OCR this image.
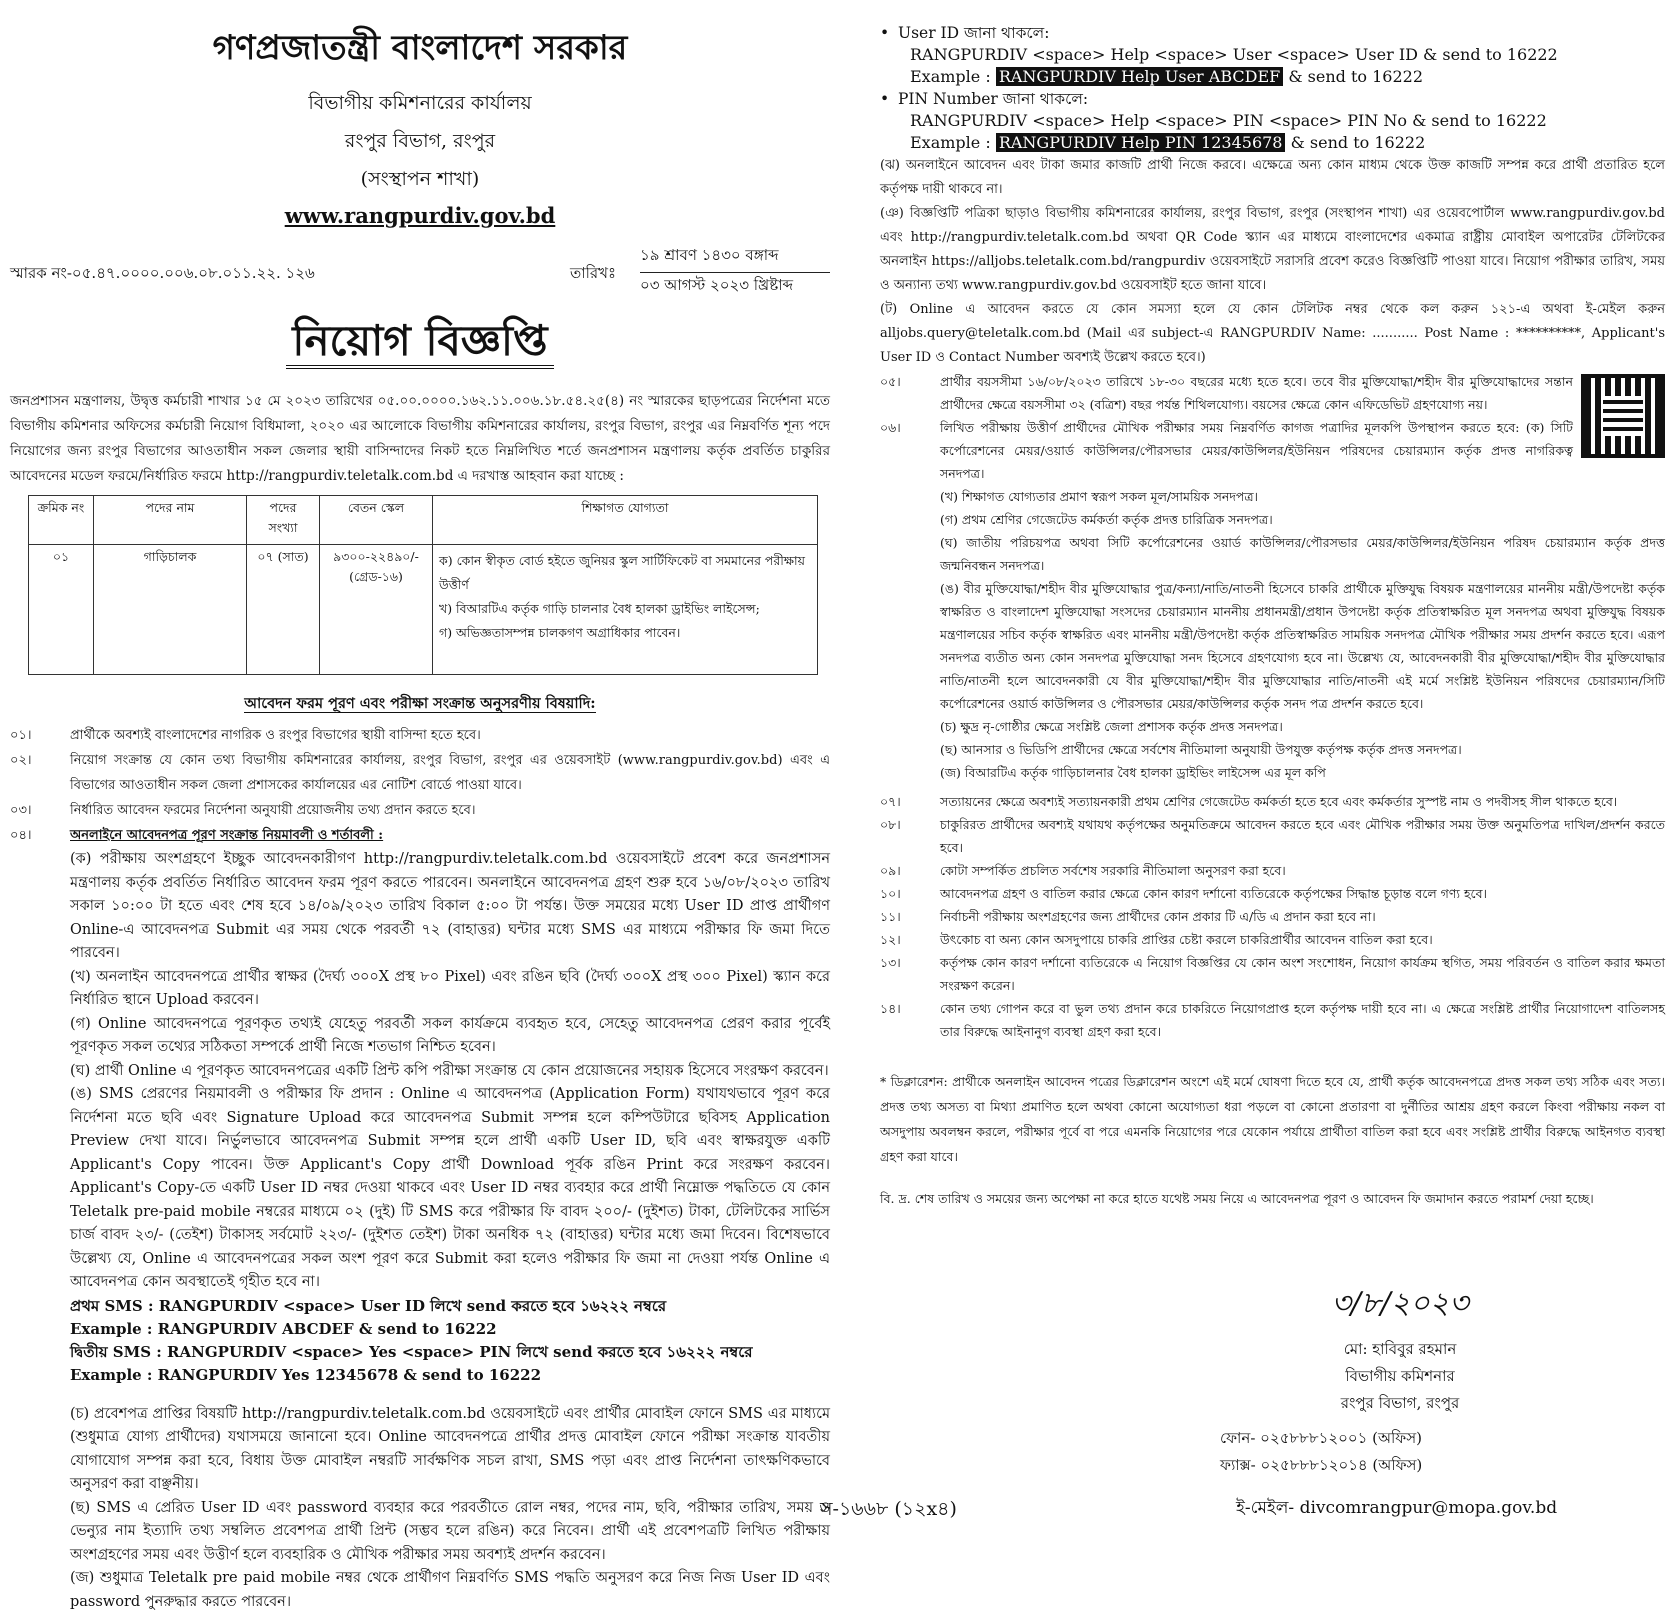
গণপ্রজাতন্ত্রী বাংলাদেশ সরকার
বিভাগীয় কমিশনারের কার্যালয়
রংপুর বিভাগ, রংপুর
(সংস্থাপন শাখা)
www.rangpurdiv.gov.bd
স্মারক নং-০৫.৪৭.০০০০.০০৬.০৮.০১১.২২. ১২৬	তারিখঃ
১৯ শ্রাবণ ১৪৩০ বঙ্গাব্দ
০৩ আগস্ট ২০২৩ খ্রিষ্টাব্দ
নিয়োগ বিজ্ঞপ্তি
জনপ্রশাসন মন্ত্রণালয়, উদ্বৃত্ত কর্মচারী শাখার ১৫ মে ২০২৩ তারিখের ০৫.০০.০০০০.১৬২.১১.০০৬.১৮.৫৪.২৫(৪) নং স্মারকের ছাড়পত্রের নির্দেশনা মতে বিভাগীয় কমিশনার অফিসের কর্মচারী নিয়োগ বিধিমালা, ২০২০ এর আলোকে বিভাগীয় কমিশনারের কার্যালয়, রংপুর বিভাগ, রংপুর এর নিম্নবর্ণিত শূন্য পদে নিয়োগের জন্য রংপুর বিভাগের আওতাধীন সকল জেলার স্থায়ী বাসিন্দাদের নিকট হতে নিম্নলিখিত শর্তে জনপ্রশাসন মন্ত্রণালয় কর্তৃক প্রবর্তিত চাকুরির আবেদনের মডেল ফরমে/নির্ধারিত ফরমে http://rangpurdiv.teletalk.com.bd এ দরখাস্ত আহবান করা যাচ্ছে :
ক্রমিক নং	পদের নাম	পদের সংখ্যা	বেতন স্কেল	শিক্ষাগত যোগ্যতা
০১	গাড়িচালক	০৭ (সাত)	৯৩০০-২২৪৯০/- (গ্রেড-১৬)	ক) কোন স্বীকৃত বোর্ড হইতে জুনিয়র স্কুল সার্টিফিকেট বা সমমানের পরীক্ষায় উত্তীর্ণ
খ) বিআরটিএ কর্তৃক গাড়ি চালনার বৈধ হালকা ড্রাইভিং লাইসেন্স;
গ) অভিজ্ঞতাসম্পন্ন চালকগণ অগ্রাধিকার পাবেন।
আবেদন ফরম পূরণ এবং পরীক্ষা সংক্রান্ত অনুসরণীয় বিষয়াদি:
০১।	প্রার্থীকে অবশ্যই বাংলাদেশের নাগরিক ও রংপুর বিভাগের স্থায়ী বাসিন্দা হতে হবে।
০২।	নিয়োগ সংক্রান্ত যে কোন তথ্য বিভাগীয় কমিশনারের কার্যালয়, রংপুর বিভাগ, রংপুর এর ওয়েবসাইট (www.rangpurdiv.gov.bd) এবং এ বিভাগের আওতাধীন সকল জেলা প্রশাসকের কার্যালয়ের এর নোটিশ বোর্ডে পাওয়া যাবে।
০৩।	নির্ধারিত আবেদন ফরমের নির্দেশনা অনুযায়ী প্রয়োজনীয় তথ্য প্রদান করতে হবে।
০৪।	অনলাইনে আবেদনপত্র পূরণ সংক্রান্ত নিয়মাবলী ও শর্তাবলী :
(ক) পরীক্ষায় অংশগ্রহণে ইচ্ছুক আবেদনকারীগণ http://rangpurdiv.teletalk.com.bd ওয়েবসাইটে প্রবেশ করে জনপ্রশাসন মন্ত্রণালয় কর্তৃক প্রবর্তিত নির্ধারিত আবেদন ফরম পূরণ করতে পারবেন। অনলাইনে আবেদনপত্র গ্রহণ শুরু হবে ১৬/০৮/২০২৩ তারিখ সকাল ১০:০০ টা হতে এবং শেষ হবে ১৪/০৯/২০২৩ তারিখ বিকাল ৫:০০ টা পর্যন্ত। উক্ত সময়ের মধ্যে User ID প্রাপ্ত প্রার্থীগণ Online-এ আবেদনপত্র Submit এর সময় থেকে পরবর্তী ৭২ (বাহাত্তর) ঘন্টার মধ্যে SMS এর মাধ্যমে পরীক্ষার ফি জমা দিতে পারবেন।
(খ) অনলাইন আবেদনপত্রে প্রার্থীর স্বাক্ষর (দৈর্ঘ্য ৩০০X প্রস্থ ৮০ Pixel) এবং রঙিন ছবি (দৈর্ঘ্য ৩০০X প্রস্থ ৩০০ Pixel) স্ক্যান করে নির্ধারিত স্থানে Upload করবেন।
(গ) Online আবেদনপত্রে পূরণকৃত তথ্যই যেহেতু পরবর্তী সকল কার্যক্রমে ব্যবহৃত হবে, সেহেতু আবেদনপত্র প্রেরণ করার পূর্বেই পূরণকৃত সকল তথ্যের সঠিকতা সম্পর্কে প্রার্থী নিজে শতভাগ নিশ্চিত হবেন।
(ঘ) প্রার্থী Online এ পূরণকৃত আবেদনপত্রের একটি প্রিন্ট কপি পরীক্ষা সংক্রান্ত যে কোন প্রয়োজনের সহায়ক হিসেবে সংরক্ষণ করবেন।
(ঙ) SMS প্রেরণের নিয়মাবলী ও পরীক্ষার ফি প্রদান : Online এ আবেদনপত্র (Application Form) যথাযথভাবে পূরণ করে নির্দেশনা মতে ছবি এবং Signature Upload করে আবেদনপত্র Submit সম্পন্ন হলে কম্পিউটারে ছবিসহ Application Preview দেখা যাবে। নির্ভুলভাবে আবেদনপত্র Submit সম্পন্ন হলে প্রার্থী একটি User ID, ছবি এবং স্বাক্ষরযুক্ত একটি Applicant's Copy পাবেন। উক্ত Applicant's Copy প্রার্থী Download পূর্বক রঙিন Print করে সংরক্ষণ করবেন। Applicant's Copy-তে একটি User ID নম্বর দেওয়া থাকবে এবং User ID নম্বর ব্যবহার করে প্রার্থী নিম্নোক্ত পদ্ধতিতে যে কোন Teletalk pre-paid mobile নম্বরের মাধ্যমে ০২ (দুই) টি SMS করে পরীক্ষার ফি বাবদ ২০০/- (দুইশত) টাকা, টেলিটকের সার্ভিস চার্জ বাবদ ২৩/- (তেইশ) টাকাসহ সর্বমোট ২২৩/- (দুইশত তেইশ) টাকা অনধিক ৭২ (বাহাত্তর) ঘন্টার মধ্যে জমা দিবেন। বিশেষভাবে উল্লেখ্য যে, Online এ আবেদনপত্রের সকল অংশ পূরণ করে Submit করা হলেও পরীক্ষার ফি জমা না দেওয়া পর্যন্ত Online এ আবেদনপত্র কোন অবস্থাতেই গৃহীত হবে না।
প্রথম SMS : RANGPURDIV <space> User ID লিখে send করতে হবে ১৬২২২ নম্বরে
Example : RANGPURDIV ABCDEF & send to 16222
দ্বিতীয় SMS : RANGPURDIV <space> Yes <space> PIN লিখে send করতে হবে ১৬২২২ নম্বরে
Example : RANGPURDIV Yes 12345678 & send to 16222
(চ) প্রবেশপত্র প্রাপ্তির বিষয়টি http://rangpurdiv.teletalk.com.bd ওয়েবসাইটে এবং প্রার্থীর মোবাইল ফোনে SMS এর মাধ্যমে (শুধুমাত্র যোগ্য প্রার্থীদের) যথাসময়ে জানানো হবে। Online আবেদনপত্রে প্রার্থীর প্রদত্ত মোবাইল ফোনে পরীক্ষা সংক্রান্ত যাবতীয় যোগাযোগ সম্পন্ন করা হবে, বিধায় উক্ত মোবাইল নম্বরটি সার্বক্ষণিক সচল রাখা, SMS পড়া এবং প্রাপ্ত নির্দেশনা তাৎক্ষণিকভাবে অনুসরণ করা বাঞ্ছনীয়।
(ছ) SMS এ প্রেরিত User ID এবং password ব্যবহার করে পরবর্তীতে রোল নম্বর, পদের নাম, ছবি, পরীক্ষার তারিখ, সময় ও ভেন্যুর নাম ইত্যাদি তথ্য সম্বলিত প্রবেশপত্র প্রার্থী প্রিন্ট (সম্ভব হলে রঙিন) করে নিবেন। প্রার্থী এই প্রবেশপত্রটি লিখিত পরীক্ষায় অংশগ্রহণের সময় এবং উত্তীর্ণ হলে ব্যবহারিক ও মৌখিক পরীক্ষার সময় অবশ্যই প্রদর্শন করবেন।
(জ) শুধুমাত্র Teletalk pre paid mobile নম্বর থেকে প্রার্থীগণ নিম্নবর্ণিত SMS পদ্ধতি অনুসরণ করে নিজ নিজ User ID এবং password পুনরুদ্ধার করতে পারবেন।
• User ID জানা থাকলে:
RANGPURDIV <space> Help <space> User <space> User ID & send to 16222
Example : RANGPURDIV Help User ABCDEF & send to 16222
• PIN Number জানা থাকলে:
RANGPURDIV <space> Help <space> PIN <space> PIN No & send to 16222
Example : RANGPURDIV Help PIN 12345678 & send to 16222
(ঝ) অনলাইনে আবেদন এবং টাকা জমার কাজটি প্রার্থী নিজে করবে। এক্ষেত্রে অন্য কোন মাধ্যম থেকে উক্ত কাজটি সম্পন্ন করে প্রার্থী প্রতারিত হলে কর্তৃপক্ষ দায়ী থাকবে না।
(ঞ) বিজ্ঞপ্তিটি পত্রিকা ছাড়াও বিভাগীয় কমিশনারের কার্যালয়, রংপুর বিভাগ, রংপুর (সংস্থাপন শাখা) এর ওয়েবপোর্টাল www.rangpurdiv.gov.bd এবং http://rangpurdiv.teletalk.com.bd অথবা QR Code স্ক্যান এর মাধ্যমে বাংলাদেশের একমাত্র রাষ্ট্রীয় মোবাইল অপারেটর টেলিটকের অনলাইন https://alljobs.teletalk.com.bd/rangpurdiv ওয়েবসাইটে সরাসরি প্রবেশ করেও বিজ্ঞপ্তিটি পাওয়া যাবে। নিয়োগ পরীক্ষার তারিখ, সময় ও অন্যান্য তথ্য www.rangpurdiv.gov.bd ওয়েবসাইট হতে জানা যাবে।
(ট) Online এ আবেদন করতে যে কোন সমস্যা হলে যে কোন টেলিটক নম্বর থেকে কল করুন ১২১-এ অথবা ই-মেইল করুন alljobs.query@teletalk.com.bd (Mail এর subject-এ RANGPURDIV Name: ........... Post Name : **********, Applicant's User ID ও Contact Number অবশ্যই উল্লেখ করতে হবে।)
০৫।	প্রার্থীর বয়সসীমা ১৬/০৮/২০২৩ তারিখে ১৮-৩০ বছরের মধ্যে হতে হবে। তবে বীর মুক্তিযোদ্ধা/শহীদ বীর মুক্তিযোদ্ধাদের সন্তান প্রার্থীদের ক্ষেত্রে বয়সসীমা ৩২ (বত্রিশ) বছর পর্যন্ত শিথিলযোগ্য। বয়সের ক্ষেত্রে কোন এফিডেভিট গ্রহণযোগ্য নয়।
০৬।	লিখিত পরীক্ষায় উত্তীর্ণ প্রার্থীদের মৌখিক পরীক্ষার সময় নিম্নবর্ণিত কাগজ পত্রাদির মূলকপি উপস্থাপন করতে হবে: (ক) সিটি কর্পোরেশনের মেয়র/ওয়ার্ড কাউন্সিলর/পৌরসভার মেয়র/কাউন্সিলর/ইউনিয়ন পরিষদের চেয়ারম্যান কর্তৃক প্রদত্ত নাগরিকত্ব সনদপত্র।
(খ) শিক্ষাগত যোগ্যতার প্রমাণ স্বরূপ সকল মূল/সাময়িক সনদপত্র।
(গ) প্রথম শ্রেণির গেজেটেড কর্মকর্তা কর্তৃক প্রদত্ত চারিত্রিক সনদপত্র।
(ঘ) জাতীয় পরিচয়পত্র অথবা সিটি কর্পোরেশনের ওয়ার্ড কাউন্সিলর/পৌরসভার মেয়র/কাউন্সিলর/ইউনিয়ন পরিষদ চেয়ারম্যান কর্তৃক প্রদত্ত জন্মনিবন্ধন সনদপত্র।
(ঙ) বীর মুক্তিযোদ্ধা/শহীদ বীর মুক্তিযোদ্ধার পুত্র/কন্যা/নাতি/নাতনী হিসেবে চাকরি প্রার্থীকে মুক্তিযুদ্ধ বিষয়ক মন্ত্রণালয়ের মাননীয় মন্ত্রী/উপদেষ্টা কর্তৃক স্বাক্ষরিত ও বাংলাদেশ মুক্তিযোদ্ধা সংসদের চেয়ারম্যান মাননীয় প্রধানমন্ত্রী/প্রধান উপদেষ্টা কর্তৃক প্রতিস্বাক্ষরিত মূল সনদপত্র অথবা মুক্তিযুদ্ধ বিষয়ক মন্ত্রণালয়ের সচিব কর্তৃক স্বাক্ষরিত এবং মাননীয় মন্ত্রী/উপদেষ্টা কর্তৃক প্রতিস্বাক্ষরিত সাময়িক সনদপত্র মৌখিক পরীক্ষার সময় প্রদর্শন করতে হবে। এরূপ সনদপত্র ব্যতীত অন্য কোন সনদপত্র মুক্তিযোদ্ধা সনদ হিসেবে গ্রহণযোগ্য হবে না। উল্লেখ্য যে, আবেদনকারী বীর মুক্তিযোদ্ধা/শহীদ বীর মুক্তিযোদ্ধার নাতি/নাতনী হলে আবেদনকারী যে বীর মুক্তিযোদ্ধা/শহীদ বীর মুক্তিযোদ্ধার নাতি/নাতনী এই মর্মে সংশ্লিষ্ট ইউনিয়ন পরিষদের চেয়ারম্যান/সিটি কর্পোরেশনের ওয়ার্ড কাউন্সিলর ও পৌরসভার মেয়র/কাউন্সিলর কর্তৃক সনদ পত্র প্রদর্শন করতে হবে।
(চ) ক্ষুদ্র নৃ-গোষ্ঠীর ক্ষেত্রে সংশ্লিষ্ট জেলা প্রশাসক কর্তৃক প্রদত্ত সনদপত্র।
(ছ) আনসার ও ভিডিপি প্রার্থীদের ক্ষেত্রে সর্বশেষ নীতিমালা অনুযায়ী উপযুক্ত কর্তৃপক্ষ কর্তৃক প্রদত্ত সনদপত্র।
(জ) বিআরটিএ কর্তৃক গাড়িচালনার বৈধ হালকা ড্রাইভিং লাইসেন্স এর মূল কপি
০৭।	সত্যায়নের ক্ষেত্রে অবশ্যই সত্যায়নকারী প্রথম শ্রেণির গেজেটেড কর্মকর্তা হতে হবে এবং কর্মকর্তার সুস্পষ্ট নাম ও পদবীসহ সীল থাকতে হবে।
০৮।	চাকুরিরত প্রার্থীদের অবশ্যই যথাযথ কর্তৃপক্ষের অনুমতিক্রমে আবেদন করতে হবে এবং মৌখিক পরীক্ষার সময় উক্ত অনুমতিপত্র দাখিল/প্রদর্শন করতে হবে।
০৯।	কোটা সম্পর্কিত প্রচলিত সর্বশেষ সরকারি নীতিমালা অনুসরণ করা হবে।
১০।	আবেদনপত্র গ্রহণ ও বাতিল করার ক্ষেত্রে কোন কারণ দর্শানো ব্যতিরেকে কর্তৃপক্ষের সিদ্ধান্ত চূড়ান্ত বলে গণ্য হবে।
১১।	নির্বাচনী পরীক্ষায় অংশগ্রহণের জন্য প্রার্থীদের কোন প্রকার টি এ/ডি এ প্রদান করা হবে না।
১২।	উৎকোচ বা অন্য কোন অসদুপায়ে চাকরি প্রাপ্তির চেষ্টা করলে চাকরিপ্রার্থীর আবেদন বাতিল করা হবে।
১৩।	কর্তৃপক্ষ কোন কারণ দর্শানো ব্যতিরেকে এ নিয়োগ বিজ্ঞপ্তির যে কোন অংশ সংশোধন, নিয়োগ কার্যক্রম স্থগিত, সময় পরিবর্তন ও বাতিল করার ক্ষমতা সংরক্ষণ করেন।
১৪।	কোন তথ্য গোপন করে বা ভুল তথ্য প্রদান করে চাকরিতে নিয়োগপ্রাপ্ত হলে কর্তৃপক্ষ দায়ী হবে না। এ ক্ষেত্রে সংশ্লিষ্ট প্রার্থীর নিয়োগাদেশ বাতিলসহ তার বিরুদ্ধে আইনানুগ ব্যবস্থা গ্রহণ করা হবে।
* ডিক্লারেশন: প্রার্থীকে অনলাইন আবেদন পত্রের ডিক্লারেশন অংশে এই মর্মে ঘোষণা দিতে হবে যে, প্রার্থী কর্তৃক আবেদনপত্রে প্রদত্ত সকল তথ্য সঠিক এবং সত্য। প্রদত্ত তথ্য অসত্য বা মিথ্যা প্রমাণিত হলে অথবা কোনো অযোগ্যতা ধরা পড়লে বা কোনো প্রতারণা বা দুর্নীতির আশ্রয় গ্রহণ করলে কিংবা পরীক্ষায় নকল বা অসদুপায় অবলম্বন করলে, পরীক্ষার পূর্বে বা পরে এমনকি নিয়োগের পরে যেকোন পর্যায়ে প্রার্থীতা বাতিল করা হবে এবং সংশ্লিষ্ট প্রার্থীর বিরুদ্ধে আইনগত ব্যবস্থা গ্রহণ করা যাবে।
বি. দ্র. শেষ তারিখ ও সময়ের জন্য অপেক্ষা না করে হাতে যথেষ্ট সময় নিয়ে এ আবেদনপত্র পূরণ ও আবেদন ফি জমাদান করতে পরামর্শ দেয়া হচ্ছে।
৩/৮/২০২৩
মো: হাবিবুর রহমান
বিভাগীয় কমিশনার
রংপুর বিভাগ, রংপুর
ফোন- ০২৫৮৮৮১২০০১ (অফিস)
ফ্যাক্স- ০২৫৮৮৮১২০১৪ (অফিস)
স-১৬৬৮ (১২x৪)	ই-মেইল- divcomrangpur@mopa.gov.bd
